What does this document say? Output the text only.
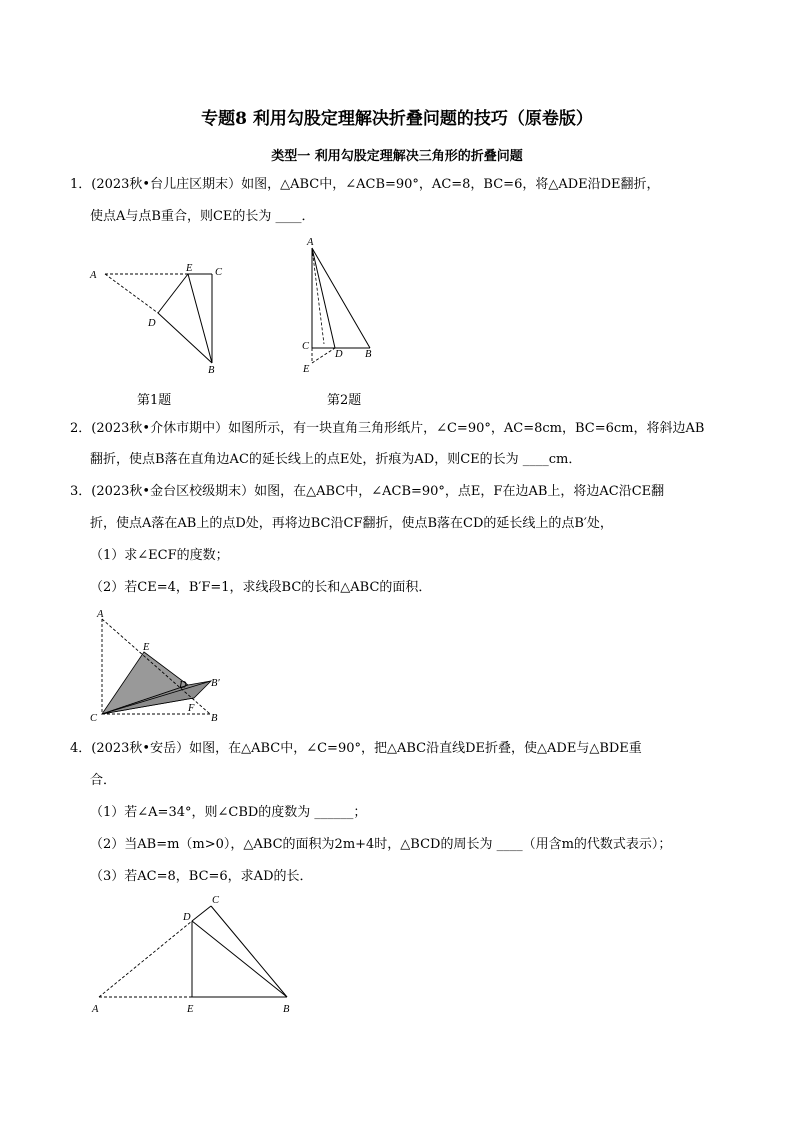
专题8 利用勾股定理解决折叠问题的技巧（原卷版）
类型一 利用勾股定理解决三角形的折叠问题
1．(2023秋•台儿庄区期末）如图，△ABC中，∠ACB=90°，AC=8，BC=6，将△ADE沿DE翻折，
使点A与点B重合，则CE的长为 ____．
A
E C
D
B
A
C
D B
E
第1题	第2题
2．(2023秋•介休市期中）如图所示，有一块直角三角形纸片，∠C=90°，AC=8cm，BC=6cm，将斜边AB
翻折，使点B落在直角边AC的延长线上的点E处，折痕为AD，则CE的长为 ____cm．
3．(2023秋•金台区校级期末）如图，在△ABC中，∠ACB=90°，点E，F在边AB上，将边AC沿CE翻
折，使点A落在AB上的点D处，再将边BC沿CF翻折，使点B落在CD的延长线上的点B′处，
（1）求∠ECF的度数；
（2）若CE=4，B′F=1，求线段BC的长和△ABC的面积．
A
E
D B′
C
F
B
4．(2023秋•安岳）如图，在△ABC中，∠C=90°，把△ABC沿直线DE折叠，使△ADE与△BDE重
合．
（1）若∠A=34°，则∠CBD的度数为 ______；
（2）当AB=m（m>0），△ABC的面积为2m+4时，△BCD的周长为 ____（用含m的代数式表示）；
（3）若AC=8，BC=6，求AD的长．
C
D
A	E	B
